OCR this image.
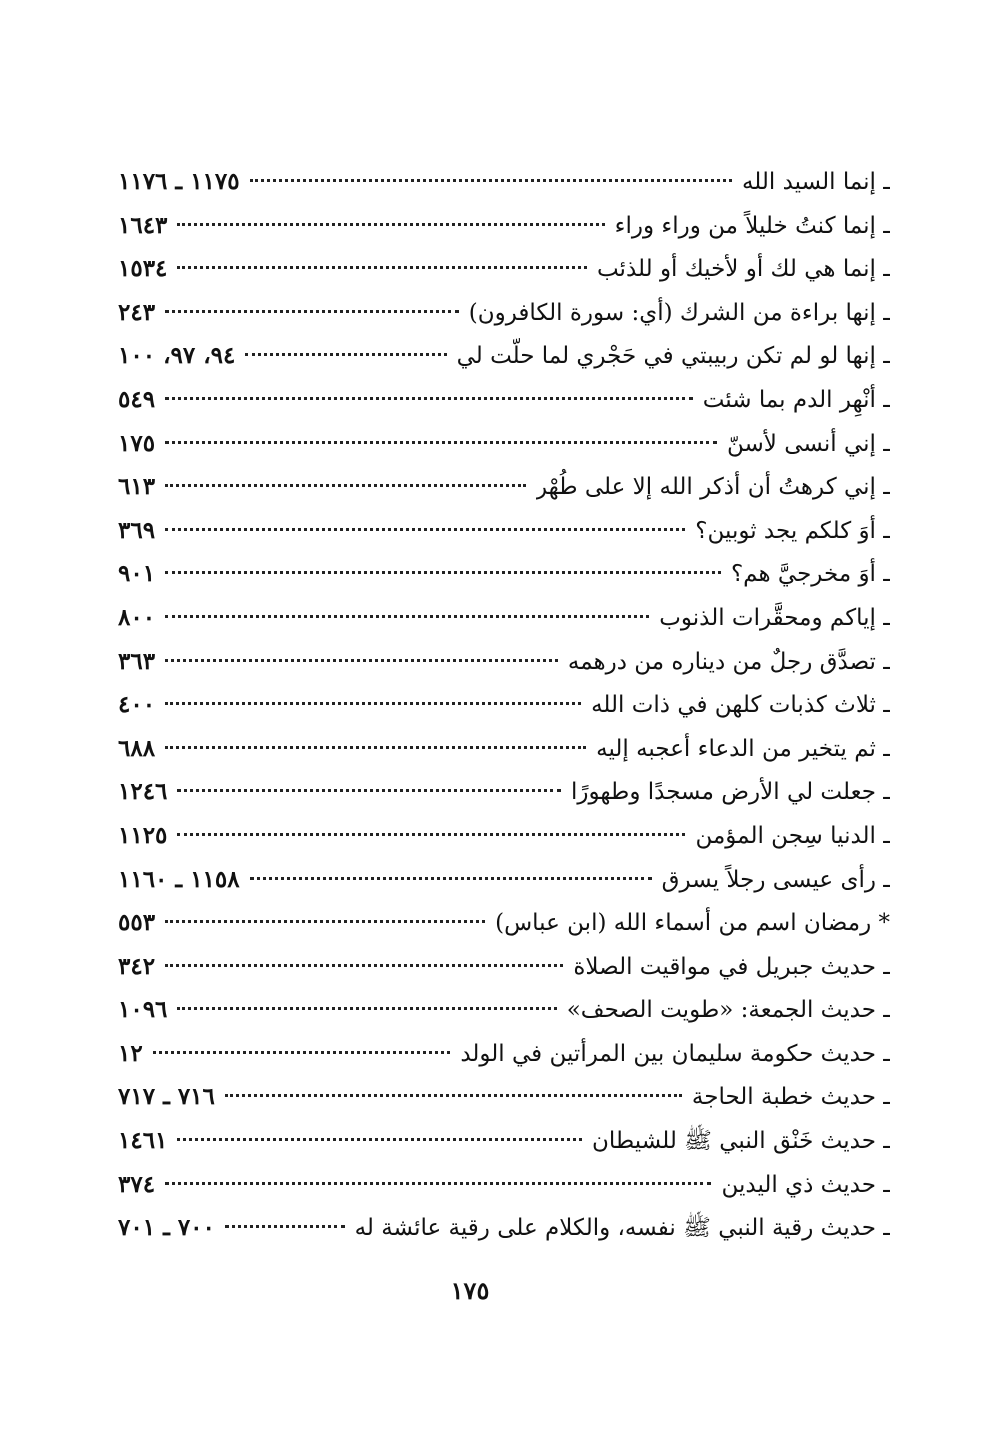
ـ إنما السيد الله
١١٧٥ ـ ١١٧٦
ـ إنما كنتُ خليلاً من وراء وراء
١٦٤٣
ـ إنما هي لك أو لأخيك أو للذئب
١٥٣٤
ـ إنها براءة من الشرك (أي: سورة الكافرون)
٢٤٣
ـ إنها لو لم تكن ربيبتي في حَجْري لما حلّت لي
٩٤، ٩٧، ١٠٠
ـ أنْهِر الدم بما شئت
٥٤٩
ـ إني أنسى لأسنّ
١٧٥
ـ إني كرهتُ أن أذكر الله إلا على طُهْر
٦١٣
ـ أوَ كلكم يجد ثوبين؟
٣٦٩
ـ أوَ مخرجيَّ هم؟
٩٠١
ـ إياكم ومحقَّرات الذنوب
٨٠٠
ـ تصدَّق رجلٌ من ديناره من درهمه
٣٦٣
ـ ثلاث كذبات كلهن في ذات الله
٤٠٠
ـ ثم يتخير من الدعاء أعجبه إليه
٦٨٨
ـ جعلت لي الأرض مسجدًا وطهورًا
١٢٤٦
ـ الدنيا سِجن المؤمن
١١٢٥
ـ رأى عيسى رجلاً يسرق
١١٥٨ ـ ١١٦٠
* رمضان اسم من أسماء الله (ابن عباس)
٥٥٣
ـ حديث جبريل في مواقيت الصلاة
٣٤٢
ـ حديث الجمعة: «طويت الصحف»
١٠٩٦
ـ حديث حكومة سليمان بين المرأتين في الولد
١٢
ـ حديث خطبة الحاجة
٧١٦ ـ ٧١٧
ـ حديث خَنْق النبي ﷺ للشيطان
١٤٦١
ـ حديث ذي اليدين
٣٧٤
ـ حديث رقية النبي ﷺ نفسه، والكلام على رقية عائشة له
٧٠٠ ـ ٧٠١
١٧٥
